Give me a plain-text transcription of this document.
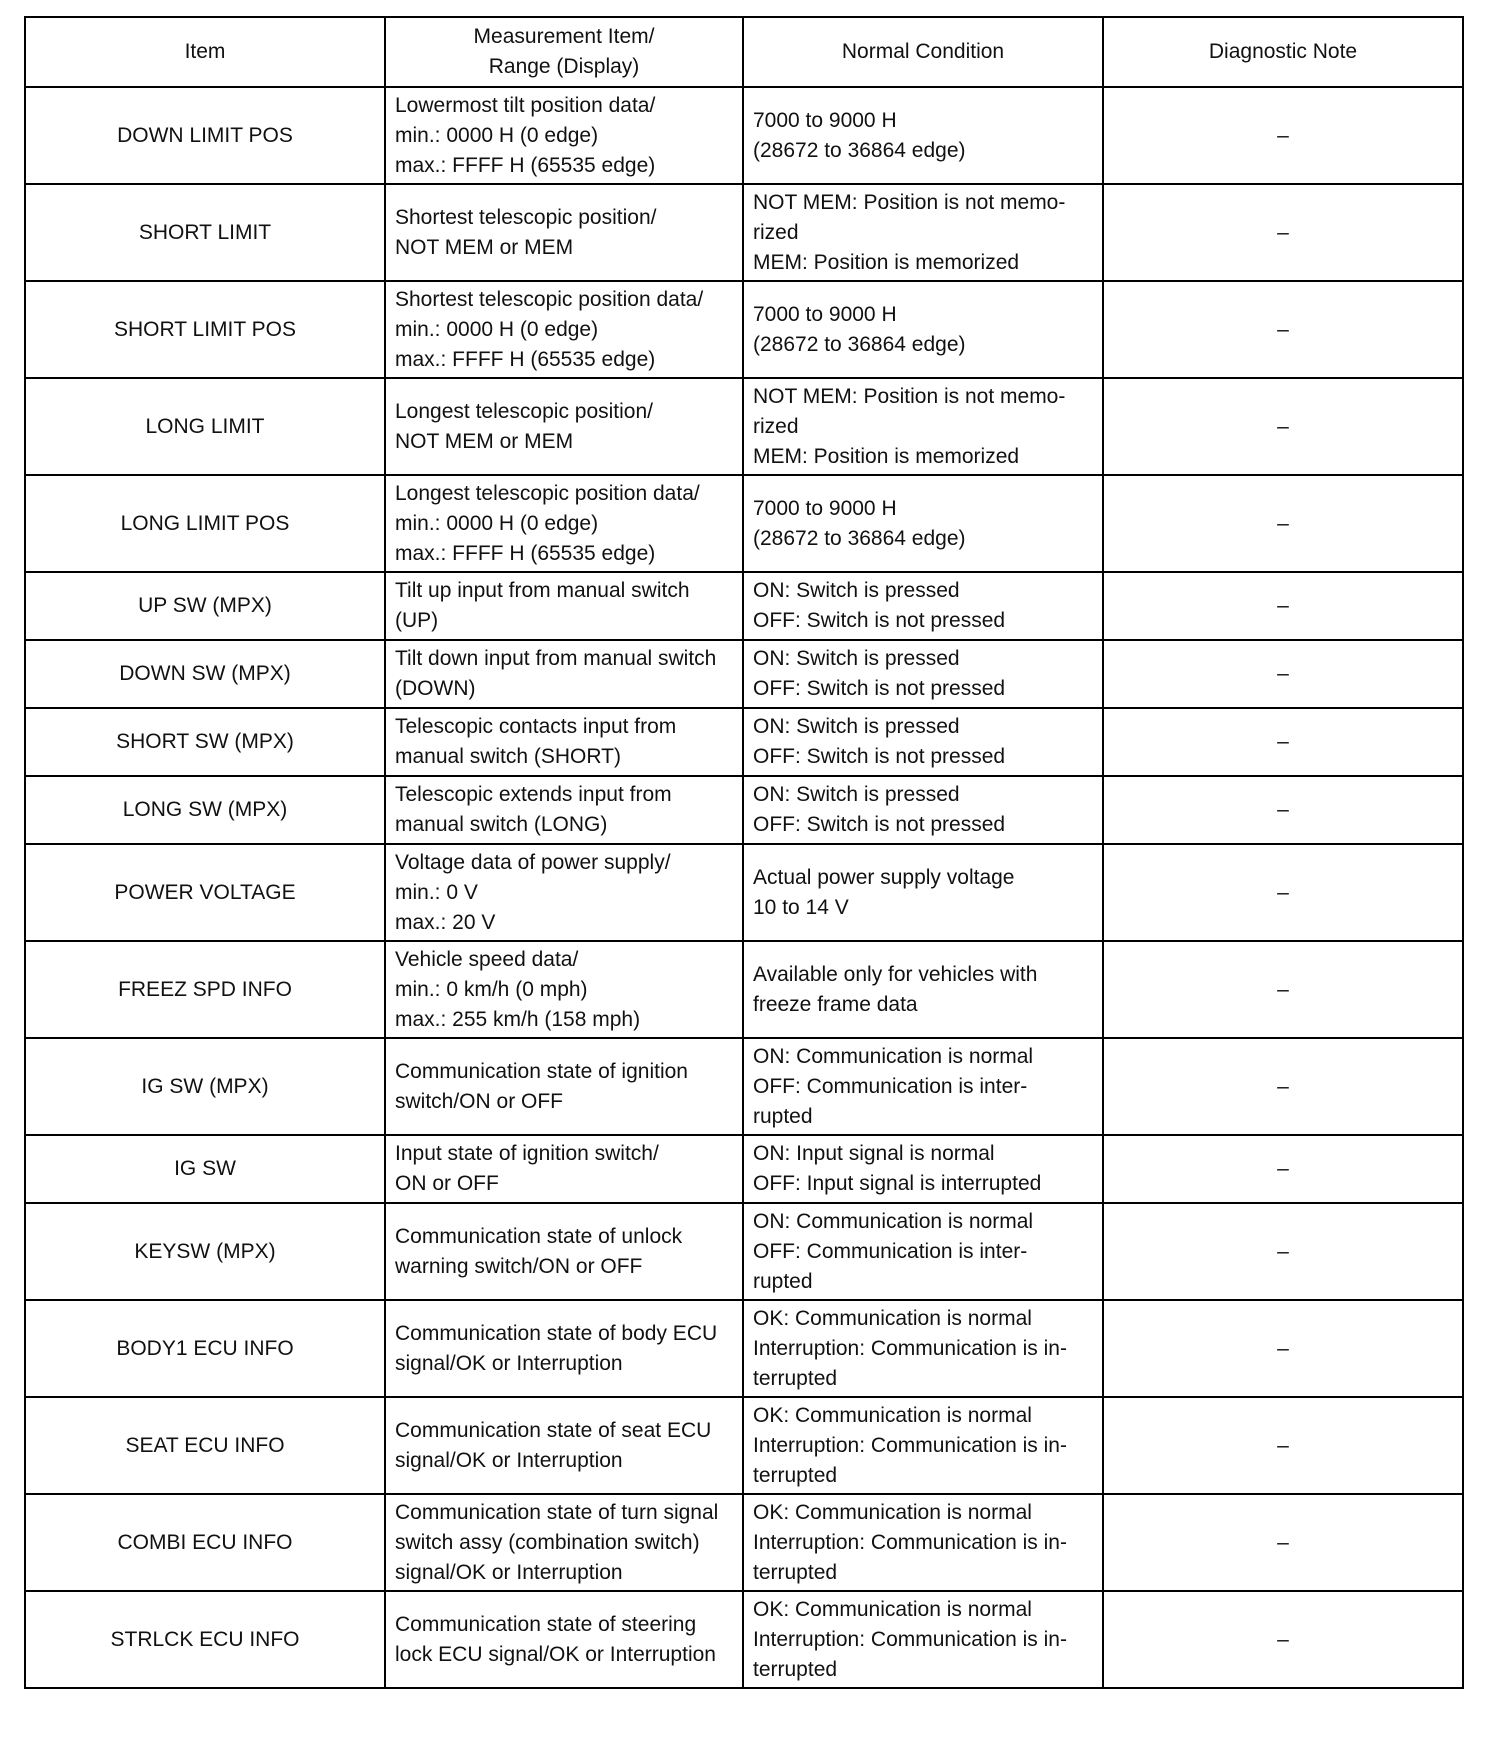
Item	Measurement Item/
Range (Display)	Normal Condition	Diagnostic Note
DOWN LIMIT POS	Lowermost tilt position data/
min.: 0000 H (0 edge)
max.: FFFF H (65535 edge)	7000 to 9000 H
(28672 to 36864 edge)	–
SHORT LIMIT	Shortest telescopic position/
NOT MEM or MEM	NOT MEM: Position is not memo-
rized
MEM: Position is memorized	–
SHORT LIMIT POS	Shortest telescopic position data/
min.: 0000 H (0 edge)
max.: FFFF H (65535 edge)	7000 to 9000 H
(28672 to 36864 edge)	–
LONG LIMIT	Longest telescopic position/
NOT MEM or MEM	NOT MEM: Position is not memo-
rized
MEM: Position is memorized	–
LONG LIMIT POS	Longest telescopic position data/
min.: 0000 H (0 edge)
max.: FFFF H (65535 edge)	7000 to 9000 H
(28672 to 36864 edge)	–
UP SW (MPX)	Tilt up input from manual switch
(UP)	ON: Switch is pressed
OFF: Switch is not pressed	–
DOWN SW (MPX)	Tilt down input from manual switch
(DOWN)	ON: Switch is pressed
OFF: Switch is not pressed	–
SHORT SW (MPX)	Telescopic contacts input from
manual switch (SHORT)	ON: Switch is pressed
OFF: Switch is not pressed	–
LONG SW (MPX)	Telescopic extends input from
manual switch (LONG)	ON: Switch is pressed
OFF: Switch is not pressed	–
POWER VOLTAGE	Voltage data of power supply/
min.: 0 V
max.: 20 V	Actual power supply voltage
10 to 14 V	–
FREEZ SPD INFO	Vehicle speed data/
min.: 0 km/h (0 mph)
max.: 255 km/h (158 mph)	Available only for vehicles with
freeze frame data	–
IG SW (MPX)	Communication state of ignition
switch/ON or OFF	ON: Communication is normal
OFF: Communication is inter-
rupted	–
IG SW	Input state of ignition switch/
ON or OFF	ON: Input signal is normal
OFF: Input signal is interrupted	–
KEYSW (MPX)	Communication state of unlock
warning switch/ON or OFF	ON: Communication is normal
OFF: Communication is inter-
rupted	–
BODY1 ECU INFO	Communication state of body ECU
signal/OK or Interruption	OK: Communication is normal
Interruption: Communication is in-
terrupted	–
SEAT ECU INFO	Communication state of seat ECU
signal/OK or Interruption	OK: Communication is normal
Interruption: Communication is in-
terrupted	–
COMBI ECU INFO	Communication state of turn signal
switch assy (combination switch)
signal/OK or Interruption	OK: Communication is normal
Interruption: Communication is in-
terrupted	–
STRLCK ECU INFO	Communication state of steering
lock ECU signal/OK or Interruption	OK: Communication is normal
Interruption: Communication is in-
terrupted	–
